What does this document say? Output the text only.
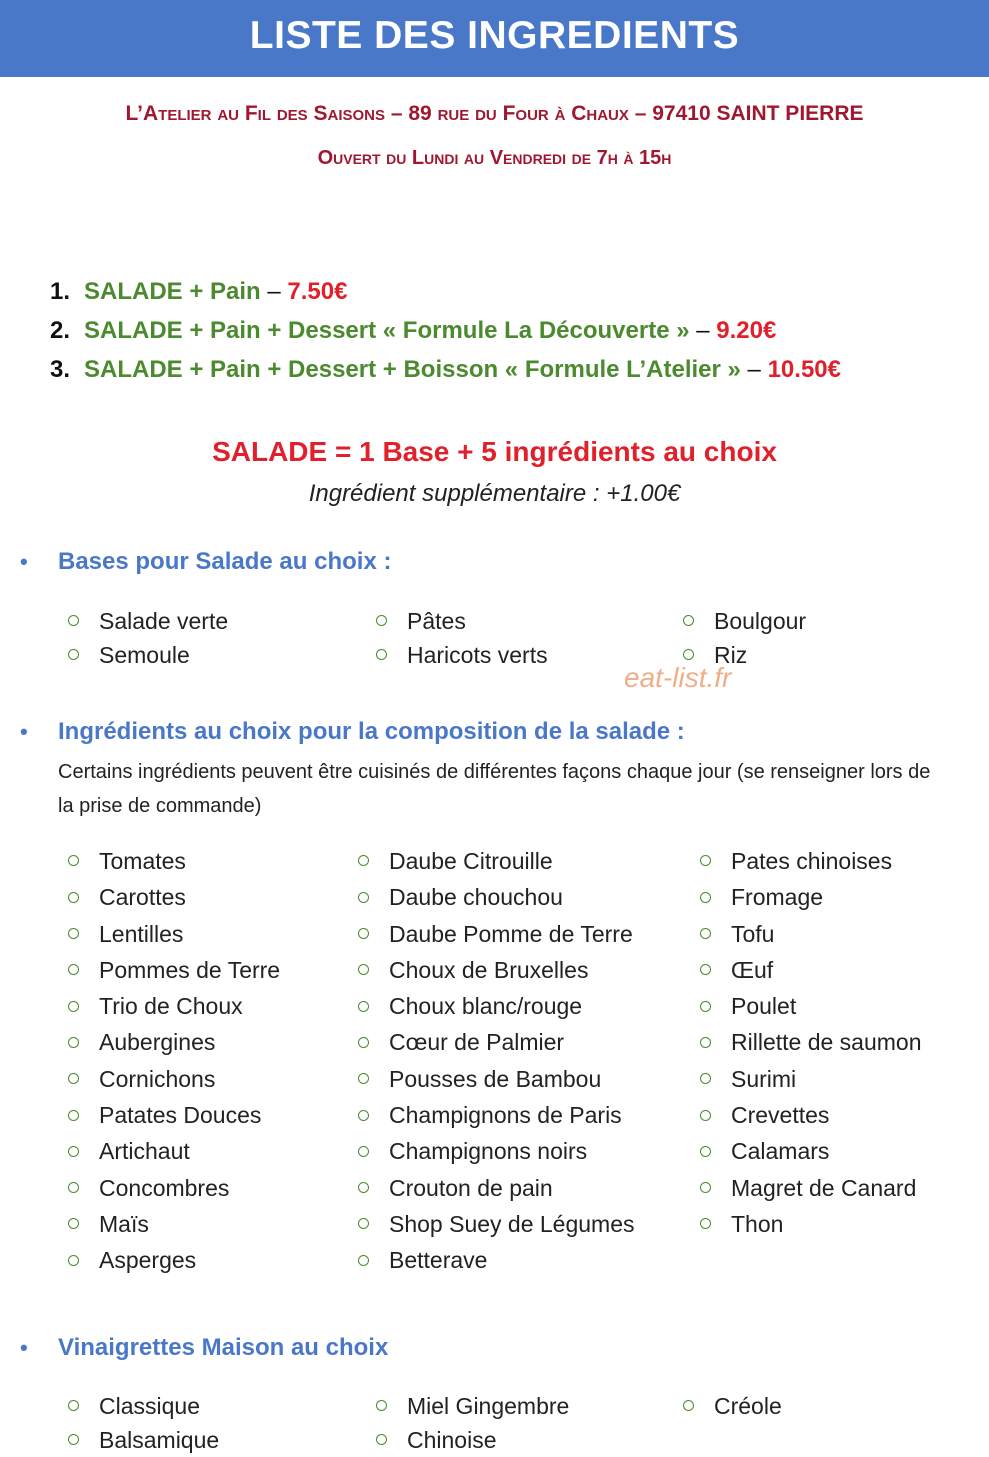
LISTE DES INGREDIENTS
L’Atelier au Fil des Saisons – 89 rue du Four à Chaux – 97410 SAINT PIERRE
Ouvert du Lundi au Vendredi de 7h à 15h
1. SALADE + Pain – 7.50€
2. SALADE + Pain + Dessert « Formule La Découverte » – 9.20€
3. SALADE + Pain + Dessert + Boisson « Formule L’Atelier » – 10.50€
SALADE = 1 Base + 5 ingrédients au choix
Ingrédient supplémentaire : +1.00€
• Bases pour Salade au choix :
Salade verte
Semoule
Pâtes
Haricots verts
Boulgour
Riz
eat-list.fr
• Ingrédients au choix pour la composition de la salade :
Certains ingrédients peuvent être cuisinés de différentes façons chaque jour (se renseigner lors de la prise de commande)
Tomates
Carottes
Lentilles
Pommes de Terre
Trio de Choux
Aubergines
Cornichons
Patates Douces
Artichaut
Concombres
Maïs
Asperges
Daube Citrouille
Daube chouchou
Daube Pomme de Terre
Choux de Bruxelles
Choux blanc/rouge
Cœur de Palmier
Pousses de Bambou
Champignons de Paris
Champignons noirs
Crouton de pain
Shop Suey de Légumes
Betterave
Pates chinoises
Fromage
Tofu
Œuf
Poulet
Rillette de saumon
Surimi
Crevettes
Calamars
Magret de Canard
Thon
• Vinaigrettes Maison au choix
Classique
Balsamique
Miel Gingembre
Chinoise
Créole
